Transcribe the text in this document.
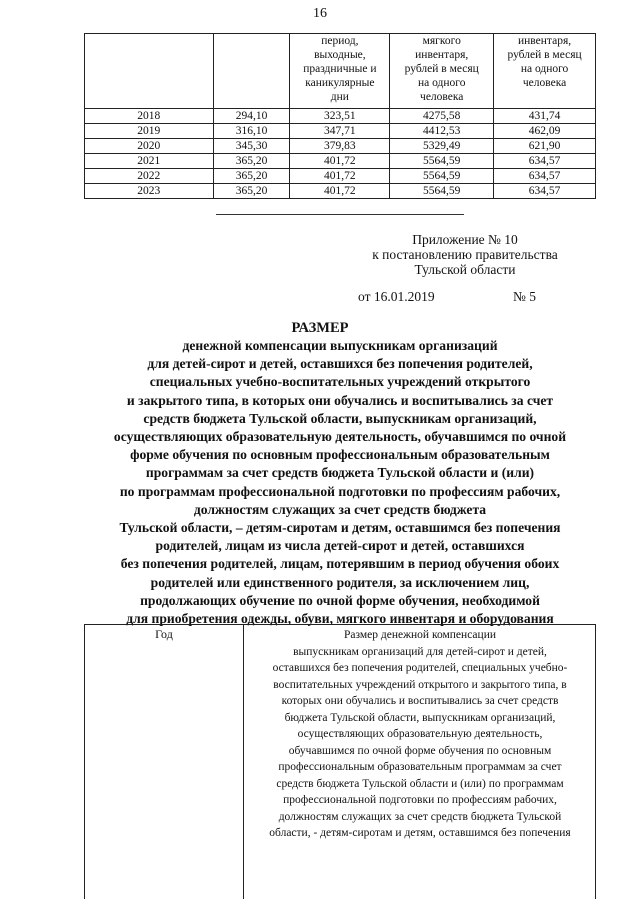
16
		период,
выходные,
праздничные и
каникулярные
дни	мягкого
инвентаря,
рублей в месяц
на одного
человека	инвентаря,
рублей в месяц
на одного
человека
2018	294,10	323,51	4275,58	431,74
2019	316,10	347,71	4412,53	462,09
2020	345,30	379,83	5329,49	621,90
2021	365,20	401,72	5564,59	634,57
2022	365,20	401,72	5564,59	634,57
2023	365,20	401,72	5564,59	634,57
Приложение № 10
к постановлению правительства
Тульской области
от 16.01.2019	№ 5
РАЗМЕР
денежной компенсации выпускникам организаций
для детей-сирот и детей, оставшихся без попечения родителей,
специальных учебно-воспитательных учреждений открытого
и закрытого типа, в которых они обучались и воспитывались за счет
средств бюджета Тульской области, выпускникам организаций,
осуществляющих образовательную деятельность, обучавшимся по очной
форме обучения по основным профессиональным образовательным
программам за счет средств бюджета Тульской области и (или)
по программам профессиональной подготовки по профессиям рабочих,
должностям служащих за счет средств бюджета
Тульской области, – детям-сиротам и детям, оставшимся без попечения
родителей, лицам из числа детей-сирот и детей, оставшихся
без попечения родителей, лицам, потерявшим в период обучения обоих
родителей или единственного родителя, за исключением лиц,
продолжающих обучение по очной форме обучения, необходимой
для приобретения одежды, обуви, мягкого инвентаря и оборудования
Год	Размер денежной компенсации
выпускникам организаций для детей-сирот и детей,
оставшихся без попечения родителей, специальных учебно-
воспитательных учреждений открытого и закрытого типа, в
которых они обучались и воспитывались за счет средств
бюджета Тульской области, выпускникам организаций,
осуществляющих образовательную деятельность,
обучавшимся по очной форме обучения по основным
профессиональным образовательным программам за счет
средств бюджета Тульской области и (или) по программам
профессиональной подготовки по профессиям рабочих,
должностям служащих за счет средств бюджета Тульской
области, - детям-сиротам и детям, оставшимся без попечения
